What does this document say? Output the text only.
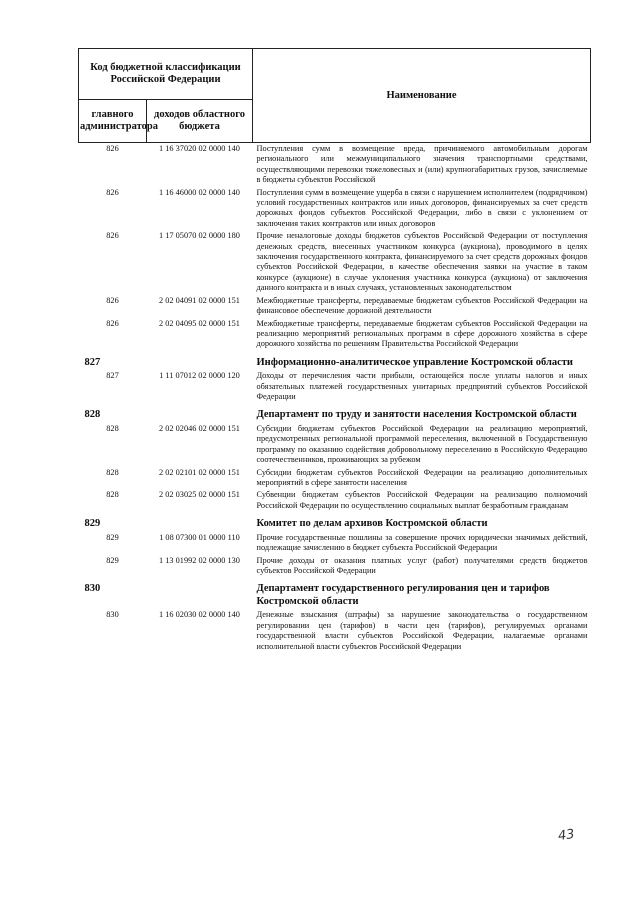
Код бюджетной классификации Российской Федерации		Наименование
главного администратора	доходов областного бюджета	
826	1 16 37020 02 0000 140	Поступления сумм в возмещение вреда, причиняемого автомобильным дорогам регионального или межмуниципального значения транспортными средствами, осуществляющими перевозки тяжеловесных и (или) крупногабаритных грузов, зачисляемые в бюджеты субъектов Российской
826	1 16 46000 02 0000 140	Поступления сумм в возмещение ущерба в связи с нарушением исполнителем (подрядчиком) условий государственных контрактов или иных договоров, финансируемых за счет средств дорожных фондов субъектов Российской Федерации, либо в связи с уклонением от заключения таких контрактов или иных договоров
826	1 17 05070 02 0000 180	Прочие неналоговые доходы бюджетов субъектов Российской Федерации от поступления денежных средств, внесенных участником конкурса (аукциона), проводимого в целях заключения государственного контракта, финансируемого за счет средств дорожных фондов субъектов Российской Федерации, в качестве обеспечения заявки на участие в таком конкурсе (аукционе) в случае уклонения участника конкурса (аукциона) от заключения данного контракта и в иных случаях, установленных законодательством
826	2 02 04091 02 0000 151	Межбюджетные трансферты, передаваемые бюджетам субъектов Российской Федерации на финансовое обеспечение дорожной деятельности
826	2 02 04095 02 0000 151	Межбюджетные трансферты, передаваемые бюджетам субъектов Российской Федерации на реализацию мероприятий региональных программ в сфере дорожного хозяйства в сфере дорожного хозяйства по решениям Правительства Российской Федерации
827		Информационно-аналитическое управление Костромской области
827	1 11 07012 02 0000 120	Доходы от перечисления части прибыли, остающейся после уплаты налогов и иных обязательных платежей государственных унитарных предприятий субъектов Российской Федерации
828		Департамент по труду и занятости населения Костромской области
828	2 02 02046 02 0000 151	Субсидии бюджетам субъектов Российской Федерации на реализацию мероприятий, предусмотренных региональной программой переселения, включенной в Государственную программу по оказанию содействия добровольному переселению в Российскую Федерацию соотечественников, проживающих за рубежом
828	2 02 02101 02 0000 151	Субсидии бюджетам субъектов Российской Федерации на реализацию дополнительных мероприятий в сфере занятости населения
828	2 02 03025 02 0000 151	Субвенции бюджетам субъектов Российской Федерации на реализацию полномочий Российской Федерации по осуществлению социальных выплат безработным гражданам
829		Комитет по делам архивов Костромской области
829	1 08 07300 01 0000 110	Прочие государственные пошлины за совершение прочих юридически значимых действий, подлежащие зачислению в бюджет субъекта Российской Федерации
829	1 13 01992 02 0000 130	Прочие доходы от оказания платных услуг (работ) получателями средств бюджетов субъектов Российской Федерации
830		Департамент государственного регулирования цен и тарифов Костромской области
830	1 16 02030 02 0000 140	Денежные взыскания (штрафы) за нарушение законодательства о государственном регулировании цен (тарифов) в части цен (тарифов), регулируемых органами государственной власти субъектов Российской Федерации, налагаемые органами исполнительной власти субъектов Российской Федерации
43
